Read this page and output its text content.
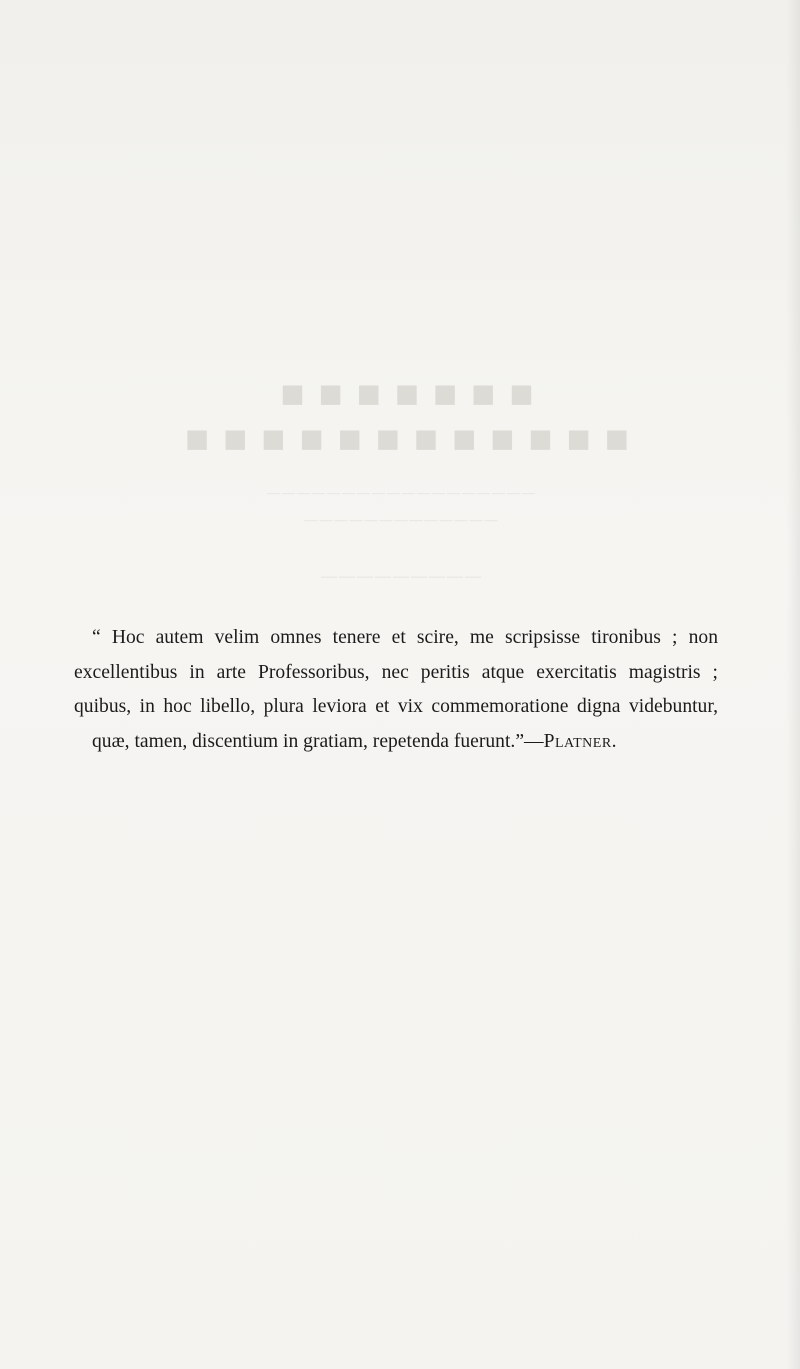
■■■■■■■
■■■■■■■■■■■■
——————————————————
—————————————
—————————
“ Hoc autem velim omnes tenere et scire, me scripsisse tironibus ; non
excellentibus in arte Professoribus, nec peritis atque exercitatis magistris ;
quibus, in hoc libello, plura leviora et vix commemoratione digna videbuntur,
quæ, tamen, discentium in gratiam, repetenda fuerunt.”—Platner.
